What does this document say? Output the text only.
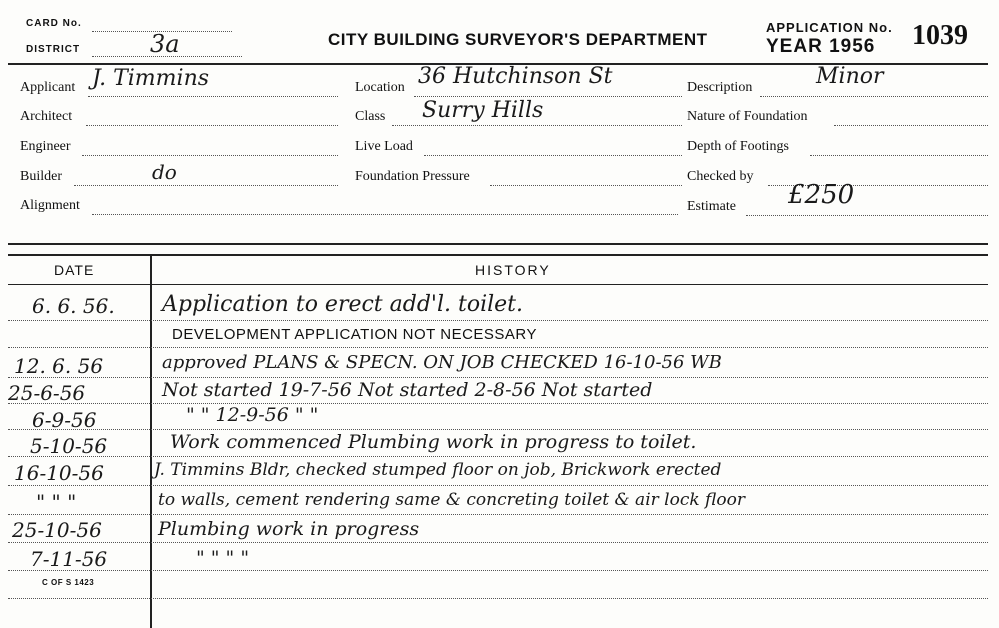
CARD No.
DISTRICT	3a	CITY BUILDING SURVEYOR'S DEPARTMENT
APPLICATION No.
YEAR 1956 1039
Applicant J. Timmins
Architect
Engineer
Builder	do
Alignment
Location 36 Hutchinson St
Class Surry Hills
Live Load
Foundation Pressure
Description	Minor
Nature of Foundation
Depth of Footings
Checked by
Estimate £250
DATE	HISTORY
6. 6. 56. Application to erect add'l. toilet.
DEVELOPMENT APPLICATION NOT NECESSARY
12. 6. 56	approved PLANS & SPECN. ON JOB CHECKED 16-10-56 WB
25-6-56	Not started 19-7-56 Not started 2-8-56 Not started
6-9-56	" " 12-9-56 " "
5-10-56	Work commenced Plumbing work in progress to toilet.
16-10-56	J. Timmins Bldr, checked stumped floor on job, Brickwork erected
" " "	to walls, cement rendering same & concreting toilet & air lock floor
25-10-56	Plumbing work in progress
7-11-56	" " " "
C OF S 1423
